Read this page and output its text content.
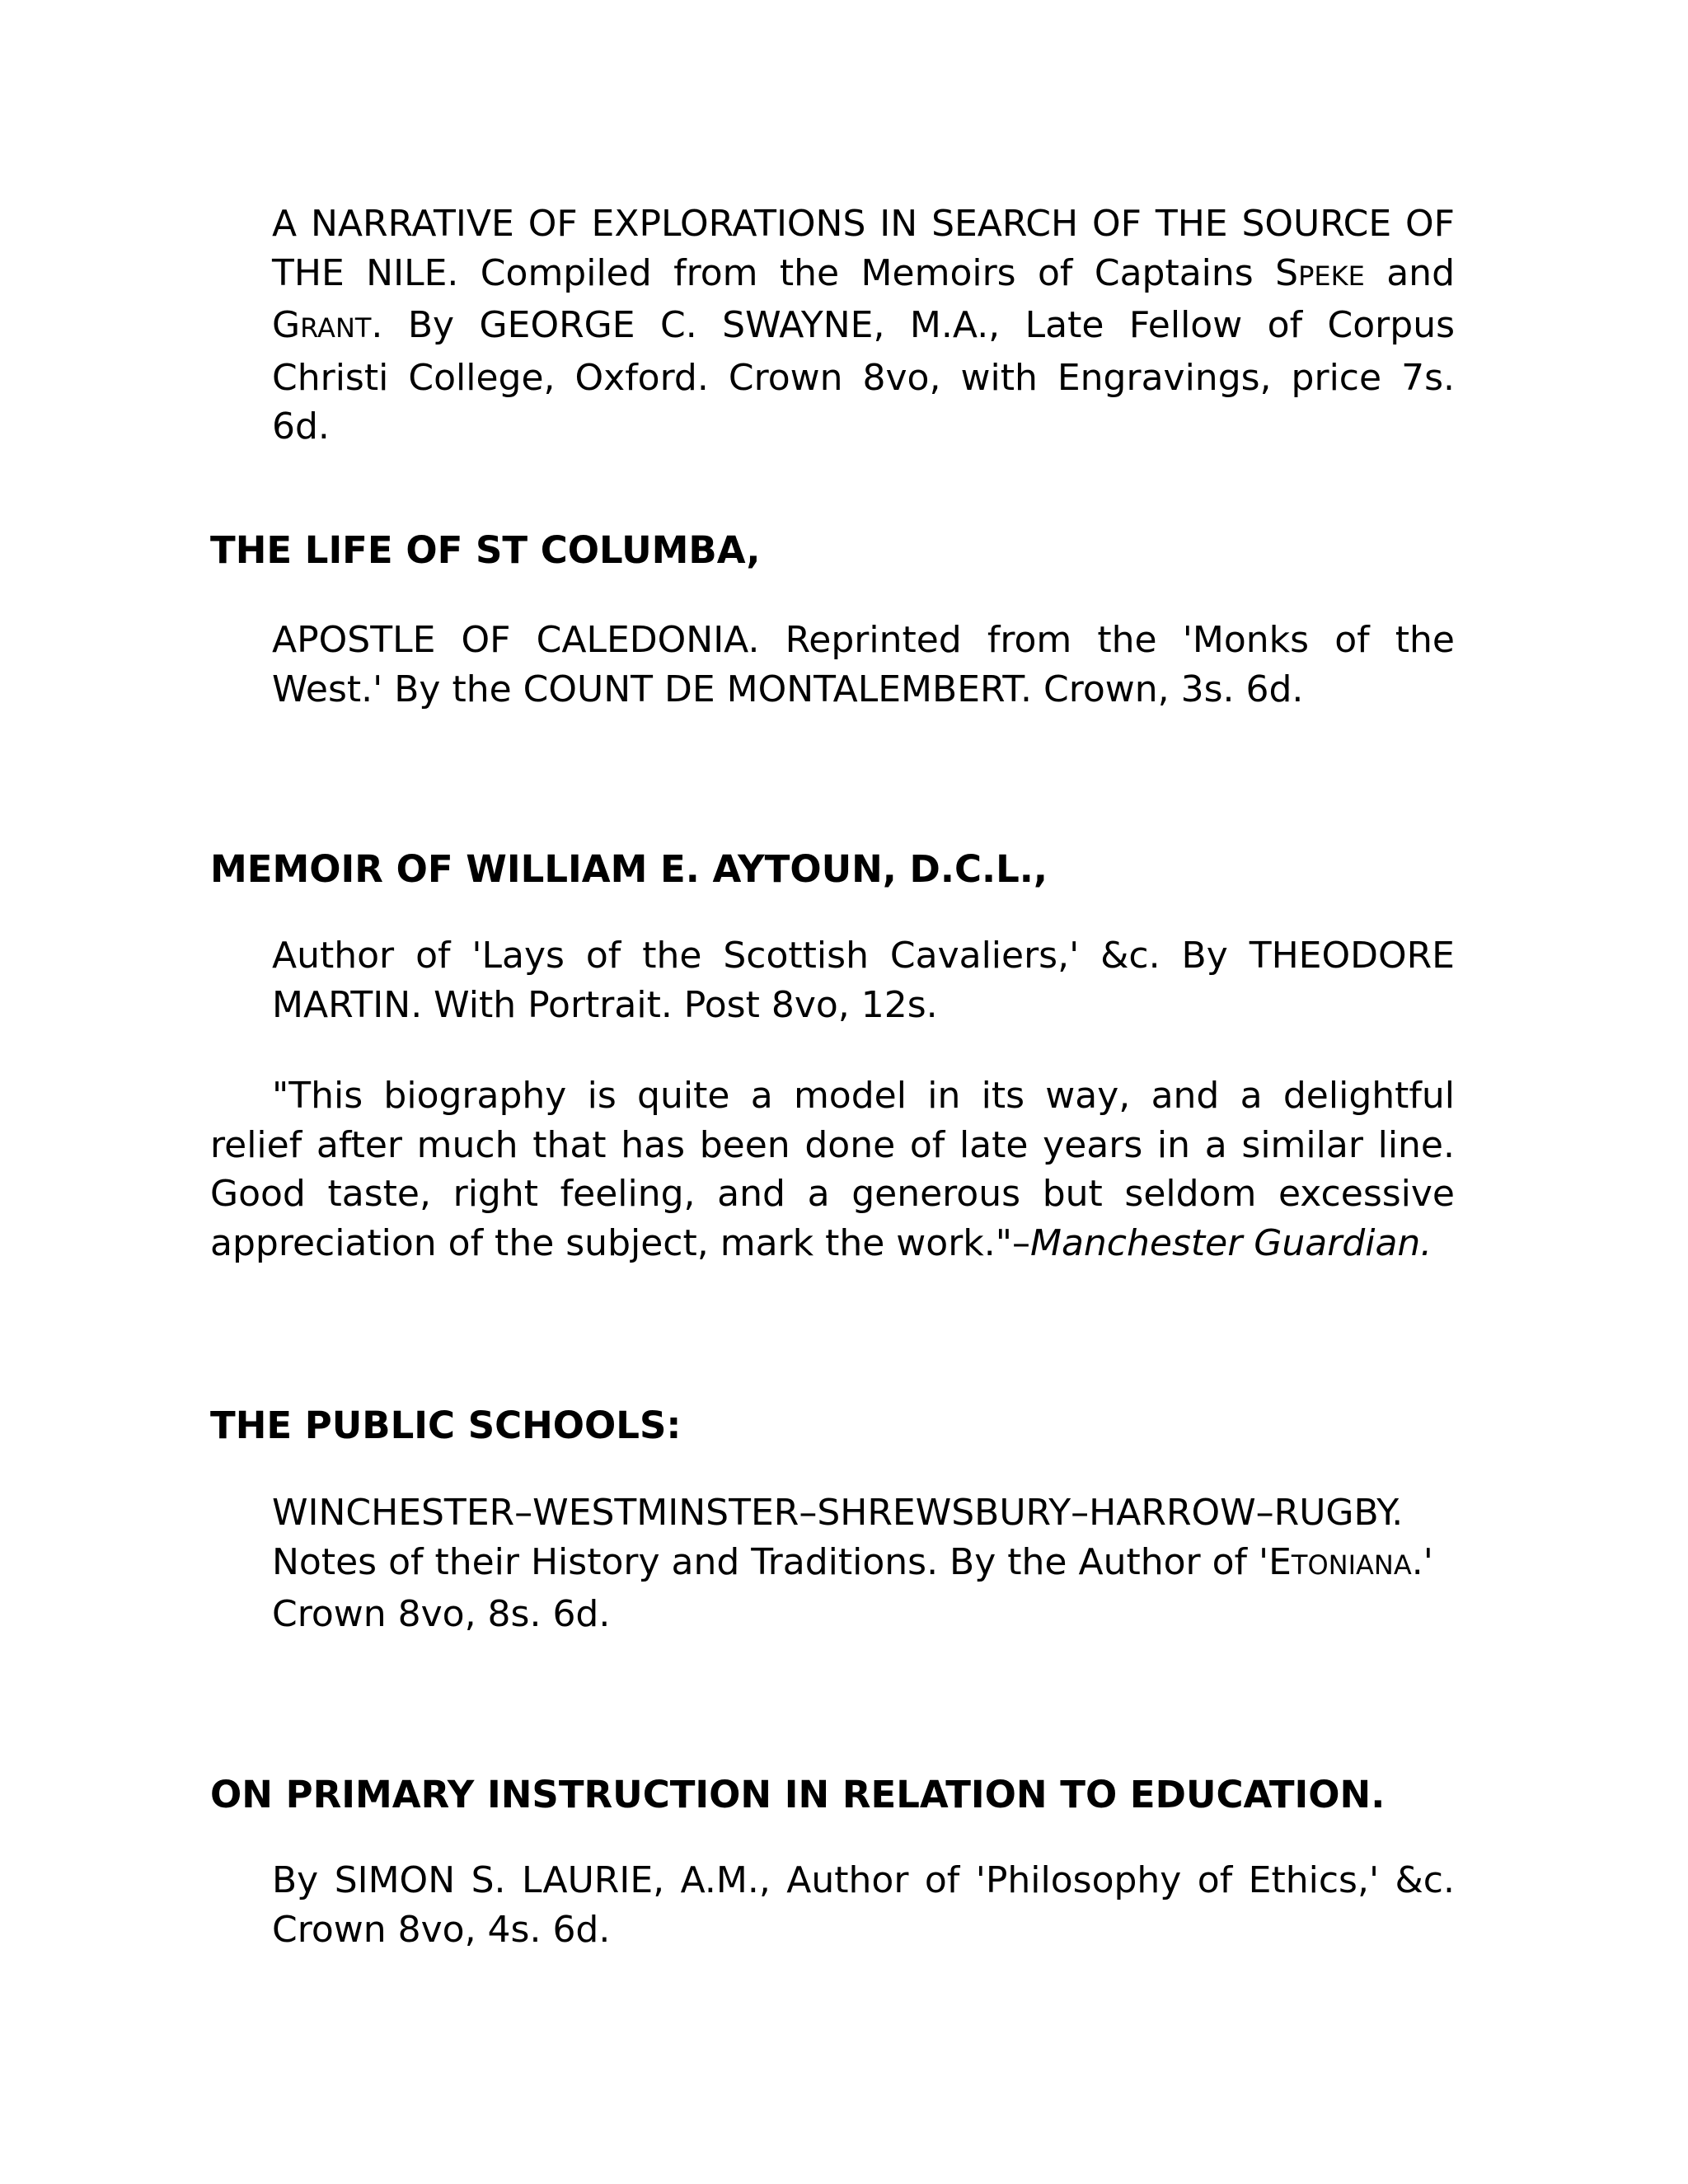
A NARRATIVE OF EXPLORATIONS IN SEARCH OF THE SOURCE OF THE NILE. Compiled from the Memoirs of Captains SPEKE and GRANT. By GEORGE C. SWAYNE, M.A., Late Fellow of Corpus Christi College, Oxford. Crown 8vo, with Engravings, price 7s. 6d.

THE LIFE OF ST COLUMBA,

APOSTLE OF CALEDONIA. Reprinted from the 'Monks of the West.' By the COUNT DE MONTALEMBERT. Crown, 3s. 6d.

MEMOIR OF WILLIAM E. AYTOUN, D.C.L.,

Author of 'Lays of the Scottish Cavaliers,' &c. By THEODORE MARTIN. With Portrait. Post 8vo, 12s.

"This biography is quite a model in its way, and a delightful relief after much that has been done of late years in a similar line. Good taste, right feeling, and a generous but seldom excessive appreciation of the subject, mark the work."–Manchester Guardian.

THE PUBLIC SCHOOLS:

WINCHESTER–WESTMINSTER–SHREWSBURY–HARROW–RUGBY.
Notes of their History and Traditions. By the Author of 'ETONIANA.' Crown 8vo, 8s. 6d.

ON PRIMARY INSTRUCTION IN RELATION TO EDUCATION.

By SIMON S. LAURIE, A.M., Author of 'Philosophy of Ethics,' &c. Crown 8vo, 4s. 6d.
